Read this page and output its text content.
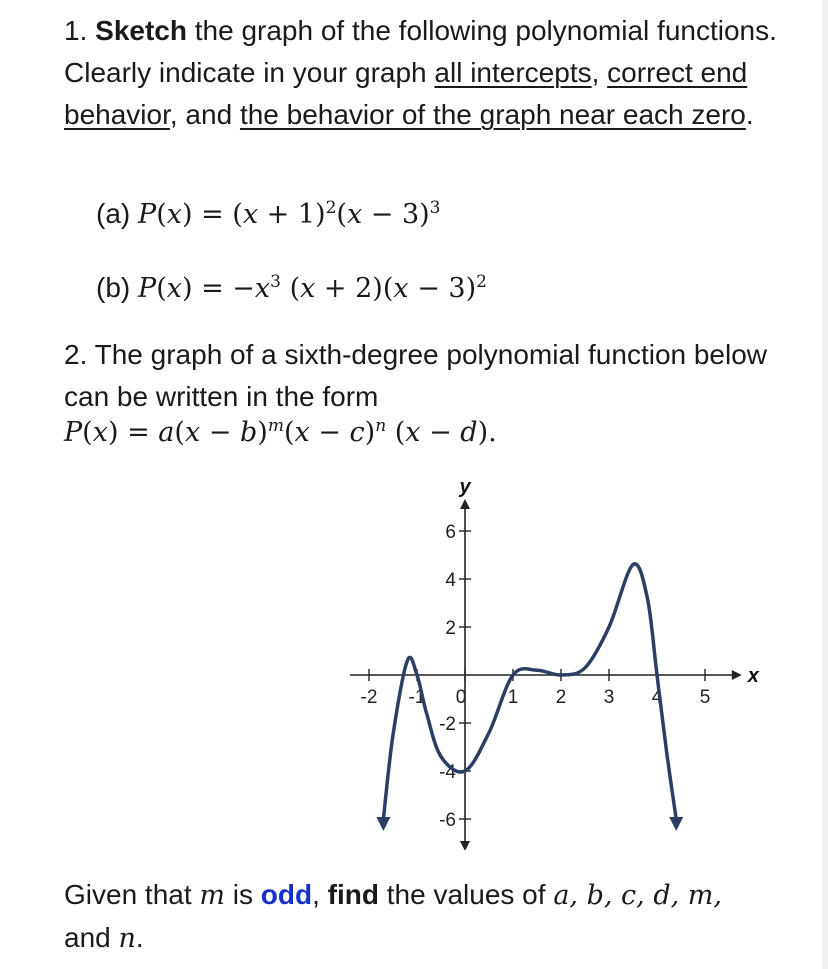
1. Sketch the graph of the following polynomial functions. Clearly indicate in your graph all intercepts, correct end behavior, and the behavior of the graph near each zero.

(a) $P(x) = (x + 1)^2(x - 3)^3$
(b) $P(x) = -x^3$ $(x + 2)(x - 3)^2$

2. The graph of a sixth-degree polynomial function below can be written in the form

$P(x) = a(x - b)^m(x - c)^n$ (x − d).
-2 -1 0 1 2 3 4 5
6
4
2
-2
-4
-6
x
y

Given that m is odd, find the values of a, b, c, d, m,
and n.
